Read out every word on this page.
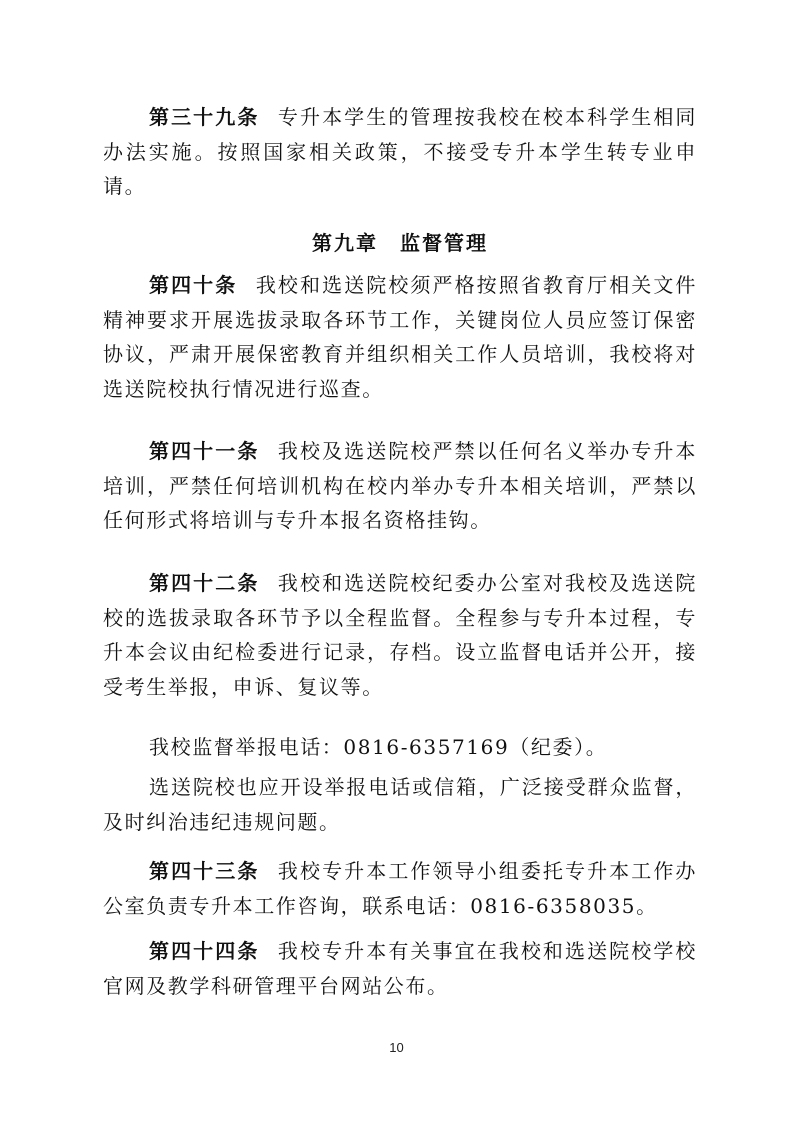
第三十九条 专升本学生的管理按我校在校本科学生相同办法实施。按照国家相关政策，不接受专升本学生转专业申请。

第九章 监督管理

第四十条 我校和选送院校须严格按照省教育厅相关文件精神要求开展选拔录取各环节工作，关键岗位人员应签订保密协议，严肃开展保密教育并组织相关工作人员培训，我校将对选送院校执行情况进行巡查。

第四十一条 我校及选送院校严禁以任何名义举办专升本培训，严禁任何培训机构在校内举办专升本相关培训，严禁以任何形式将培训与专升本报名资格挂钩。

第四十二条 我校和选送院校纪委办公室对我校及选送院校的选拔录取各环节予以全程监督。全程参与专升本过程，专升本会议由纪检委进行记录，存档。设立监督电话并公开，接受考生举报，申诉、复议等。

我校监督举报电话：0816-6357169（纪委）。

选送院校也应开设举报电话或信箱，广泛接受群众监督，及时纠治违纪违规问题。

第四十三条 我校专升本工作领导小组委托专升本工作办公室负责专升本工作咨询，联系电话：0816-6358035。

第四十四条 我校专升本有关事宜在我校和选送院校学校官网及教学科研管理平台网站公布。

10
